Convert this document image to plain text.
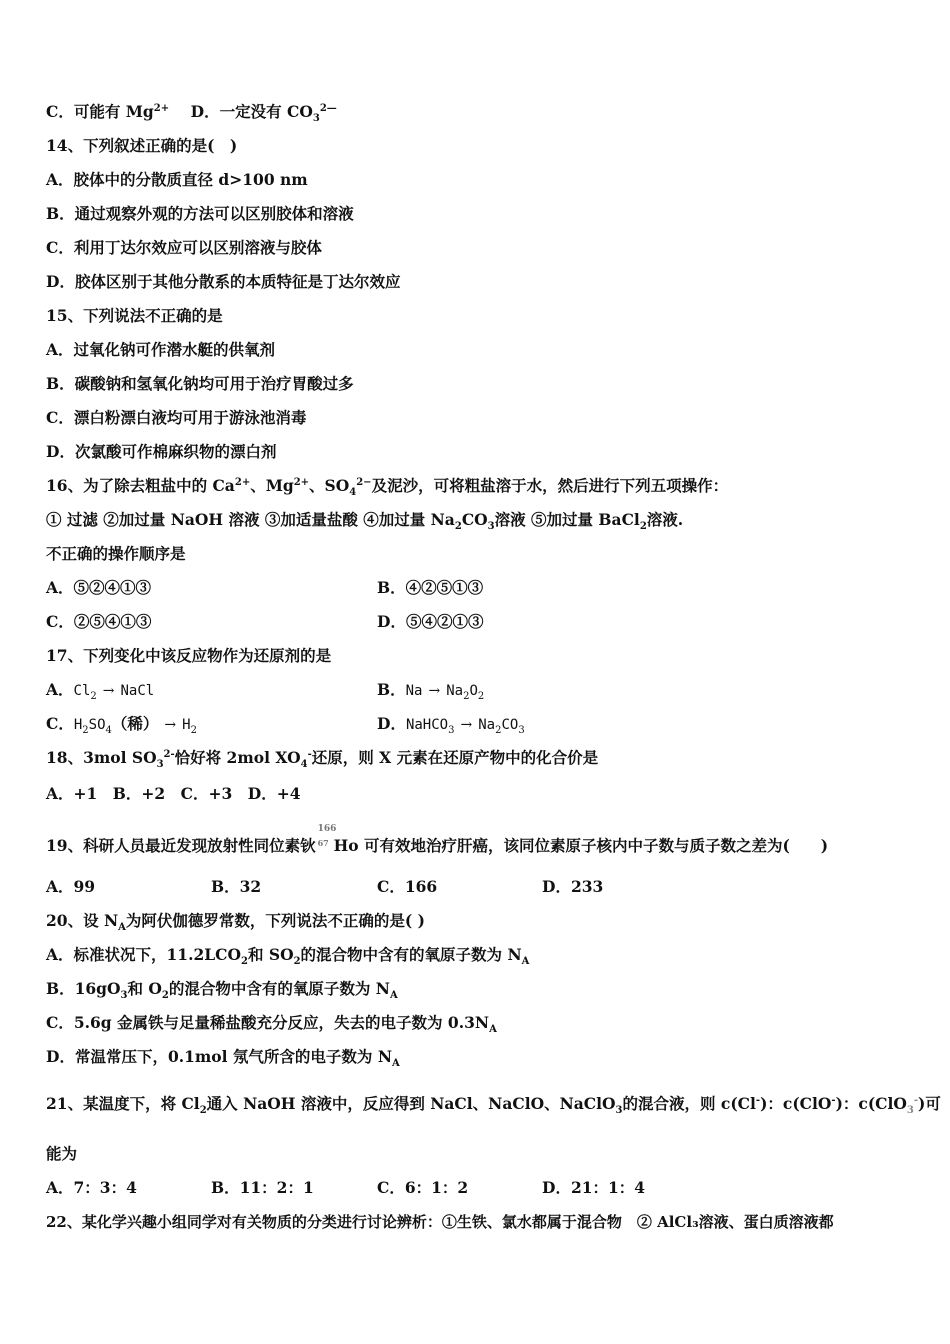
C．可能有 $Mg^{2+}$ D．一定没有 $CO_3^{2—}$
14、下列叙述正确的是(　)
A．胶体中的分散质直径 d>100 nm
B．通过观察外观的方法可以区别胶体和溶液
C．利用丁达尔效应可以区别溶液与胶体
D．胶体区别于其他分散系的本质特征是丁达尔效应
15、下列说法不正确的是
A．过氧化钠可作潜水艇的供氧剂
B．碳酸钠和氢氧化钠均可用于治疗胃酸过多
C．漂白粉漂白液均可用于游泳池消毒
D．次氯酸可作棉麻织物的漂白剂
16、为了除去粗盐中的 $Ca^{2+}$、$Mg^{2+}$、$SO_4^{2-}$及泥沙，可将粗盐溶于水，然后进行下列五项操作：
① 过滤 ②加过量 NaOH 溶液 ③加适量盐酸 ④加过量 $Na_2CO_3$溶液 ⑤加过量 BaCl$_2$溶液.
不正确的操作顺序是
A．⑤②④①③	B．④②⑤①③
C．②⑤④①③	D．⑤④②①③
17、下列变化中该反应物作为还原剂的是
A．$Cl_2$ → NaCl	B．$Na \to Na_2O_2$
C．$H_2SO_4$（稀） → $H_2$	D．NaHCO$_3$ → $Na_2CO_3$
18、3mol $SO_3^{2-}$恰好将 2mol $XO_4^-$还原，则 X 元素在还原产物中的化合价是
A．+1　B．+2　C．+3　D．+4
19、科研人员最近发现放射性同位素钬
166
67 Ho 可有效地治疗肝癌，该同位素原子核内中子数与质子数之差为(　　)
A．99	B．32	C．166	D．233
20、设 $N_A$为阿伏伽德罗常数，下列说法不正确的是( )
A．标准状况下，$11.2LCO_2$和 $SO_2$的混合物中含有的氧原子数为 $N_A$
B．$16gO_3$和 $O_2$的混合物中含有的氧原子数为 $N_A$
C．5.6g 金属铁与足量稀盐酸充分反应，失去的电子数为 $0.3N_A$
D．常温常压下，0.1mol 氖气所含的电子数为 $N_A$
21、某温度下，将 $Cl_2$通入 NaOH 溶液中，反应得到 NaCl、NaClO、NaClO$_3$的混合液，则 c(Cl-)：c(ClO-)：c(ClO$_3$-)可
能为
A．7：3：4	B．11：2：1	C．6：1：2	D．21：1：4
22、某化学兴趣小组同学对有关物质的分类进行讨论辨析：①生铁、氯水都属于混合物　② AlCl₃溶液、蛋白质溶液都
